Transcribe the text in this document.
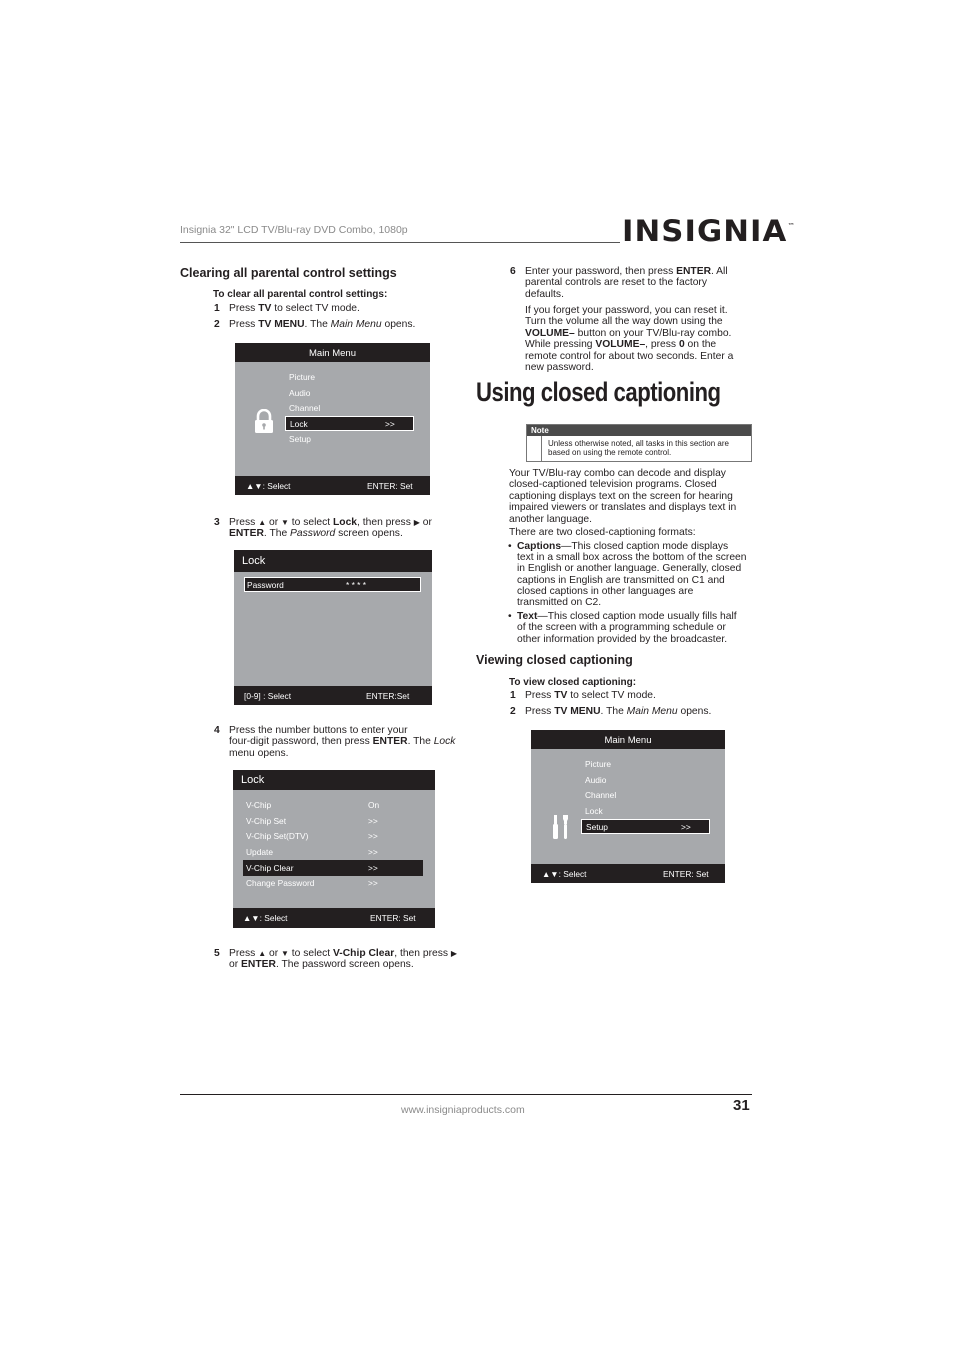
Insignia 32" LCD TV/Blu-ray DVD Combo, 1080p	INSIGNIA™
Clearing all parental control settings
To clear all parental control settings:
1 Press TV to select TV mode.
2 Press TV MENU. The Main Menu opens.
Main Menu
Picture
Audio
Channel
Lock	>>
Setup
▲▼: Select	ENTER: Set
3 Press ▲ or ▼ to select Lock, then press ▶ or
ENTER. The Password screen opens.
Lock
Password	* * * *
[0-9] : Select	ENTER:Set
4 Press the number buttons to enter your
four-digit password, then press ENTER. The Lock
menu opens.
Lock
V-Chip	On
V-Chip Set	>>
V-Chip Set(DTV)	>>
Update	>>
V-Chip Clear	>>
Change Password	>>
▲▼: Select	ENTER: Set
5 Press ▲ or ▼ to select V-Chip Clear, then press ▶
or ENTER. The password screen opens.
6 Enter your password, then press ENTER. All
parental controls are reset to the factory
defaults.
If you forget your password, you can reset it.
Turn the volume all the way down using the
VOLUME– button on your TV/Blu-ray combo.
While pressing VOLUME–, press 0 on the
remote control for about two seconds. Enter a
new password.
Using closed captioning
Note
Unless otherwise noted, all tasks in this section are
based on using the remote control.
Your TV/Blu-ray combo can decode and display
closed-captioned television programs. Closed
captioning displays text on the screen for hearing
impaired viewers or translates and displays text in
another language.
There are two closed-captioning formats:
• Captions—This closed caption mode displays
text in a small box across the bottom of the screen
in English or another language. Generally, closed
captions in English are transmitted on C1 and
closed captions in other languages are
transmitted on C2.
• Text—This closed caption mode usually fills half
of the screen with a programming schedule or
other information provided by the broadcaster.
Viewing closed captioning
To view closed captioning:
1 Press TV to select TV mode.
2 Press TV MENU. The Main Menu opens.
Main Menu
Picture
Audio
Channel
Lock
Setup	>>
▲▼: Select	ENTER: Set
www.insigniaproducts.com	31
